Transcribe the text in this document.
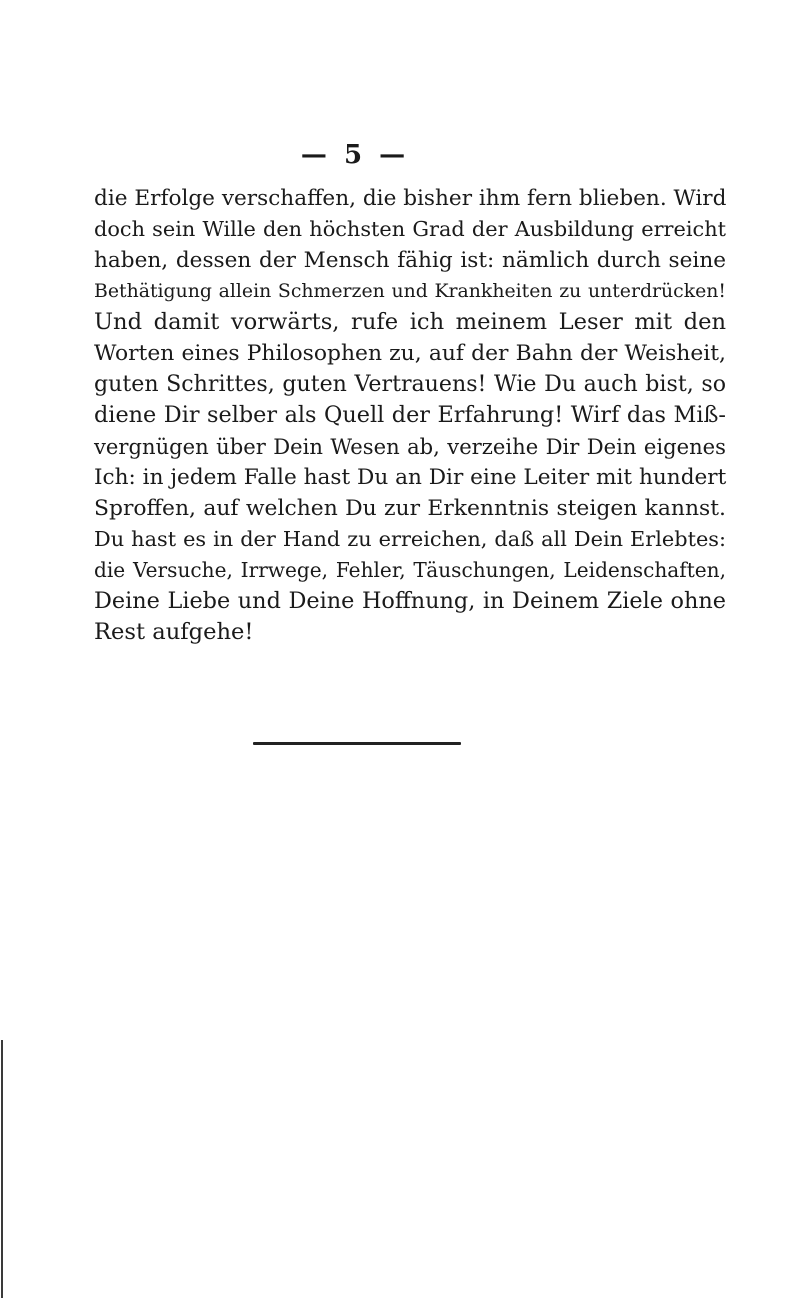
— 5 —

die Erfolge verschaffen, die bisher ihm fern blieben. Wird
doch sein Wille den höchsten Grad der Ausbildung erreicht
haben, dessen der Mensch fähig ist: nämlich durch seine
Bethätigung allein Schmerzen und Krankheiten zu unterdrücken!
Und damit vorwärts, rufe ich meinem Leser mit den
Worten eines Philosophen zu, auf der Bahn der Weisheit,
guten Schrittes, guten Vertrauens! Wie Du auch bist, so
diene Dir selber als Quell der Erfahrung! Wirf das Miß-
vergnügen über Dein Wesen ab, verzeihe Dir Dein eigenes
Ich: in jedem Falle hast Du an Dir eine Leiter mit hundert
Sproffen, auf welchen Du zur Erkenntnis steigen kannst.
Du hast es in der Hand zu erreichen, daß all Dein Erlebtes:
die Versuche, Irrwege, Fehler, Täuschungen, Leidenschaften,
Deine Liebe und Deine Hoffnung, in Deinem Ziele ohne
Rest aufgehe!
